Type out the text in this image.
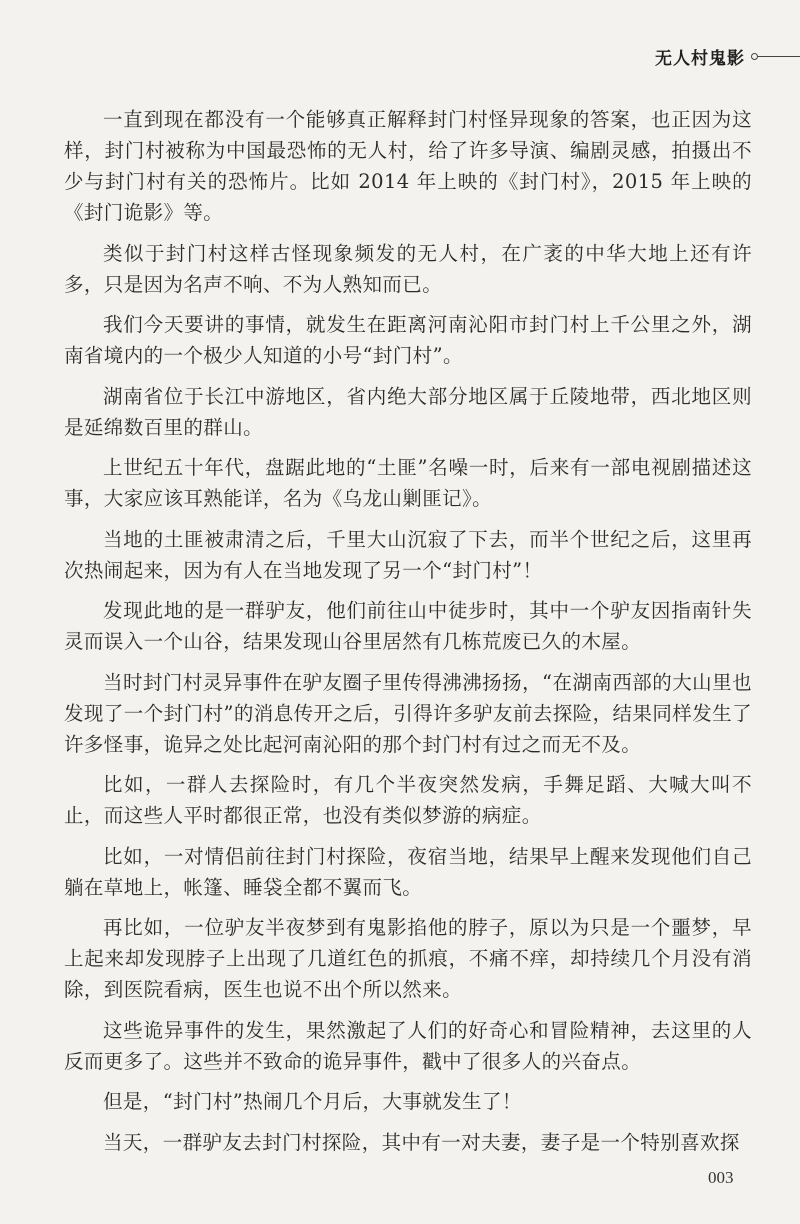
无人村鬼影

一直到现在都没有一个能够真正解释封门村怪异现象的答案，也正因为这样，封门村被称为中国最恐怖的无人村，给了许多导演、编剧灵感，拍摄出不少与封门村有关的恐怖片。比如 2014 年上映的《封门村》，2015 年上映的《封门诡影》等。

类似于封门村这样古怪现象频发的无人村，在广袤的中华大地上还有许多，只是因为名声不响、不为人熟知而已。

我们今天要讲的事情，就发生在距离河南沁阳市封门村上千公里之外，湖南省境内的一个极少人知道的小号“封门村”。

湖南省位于长江中游地区，省内绝大部分地区属于丘陵地带，西北地区则是延绵数百里的群山。

上世纪五十年代，盘踞此地的“土匪”名噪一时，后来有一部电视剧描述这事，大家应该耳熟能详，名为《乌龙山剿匪记》。

当地的土匪被肃清之后，千里大山沉寂了下去，而半个世纪之后，这里再次热闹起来，因为有人在当地发现了另一个“封门村”！

发现此地的是一群驴友，他们前往山中徒步时，其中一个驴友因指南针失灵而误入一个山谷，结果发现山谷里居然有几栋荒废已久的木屋。

当时封门村灵异事件在驴友圈子里传得沸沸扬扬，“在湖南西部的大山里也发现了一个封门村”的消息传开之后，引得许多驴友前去探险，结果同样发生了许多怪事，诡异之处比起河南沁阳的那个封门村有过之而无不及。

比如，一群人去探险时，有几个半夜突然发病，手舞足蹈、大喊大叫不止，而这些人平时都很正常，也没有类似梦游的病症。

比如，一对情侣前往封门村探险，夜宿当地，结果早上醒来发现他们自己躺在草地上，帐篷、睡袋全都不翼而飞。

再比如，一位驴友半夜梦到有鬼影掐他的脖子，原以为只是一个噩梦，早上起来却发现脖子上出现了几道红色的抓痕，不痛不痒，却持续几个月没有消除，到医院看病，医生也说不出个所以然来。

这些诡异事件的发生，果然激起了人们的好奇心和冒险精神，去这里的人反而更多了。这些并不致命的诡异事件，戳中了很多人的兴奋点。

但是，“封门村”热闹几个月后，大事就发生了！

当天，一群驴友去封门村探险，其中有一对夫妻，妻子是一个特别喜欢探

003
